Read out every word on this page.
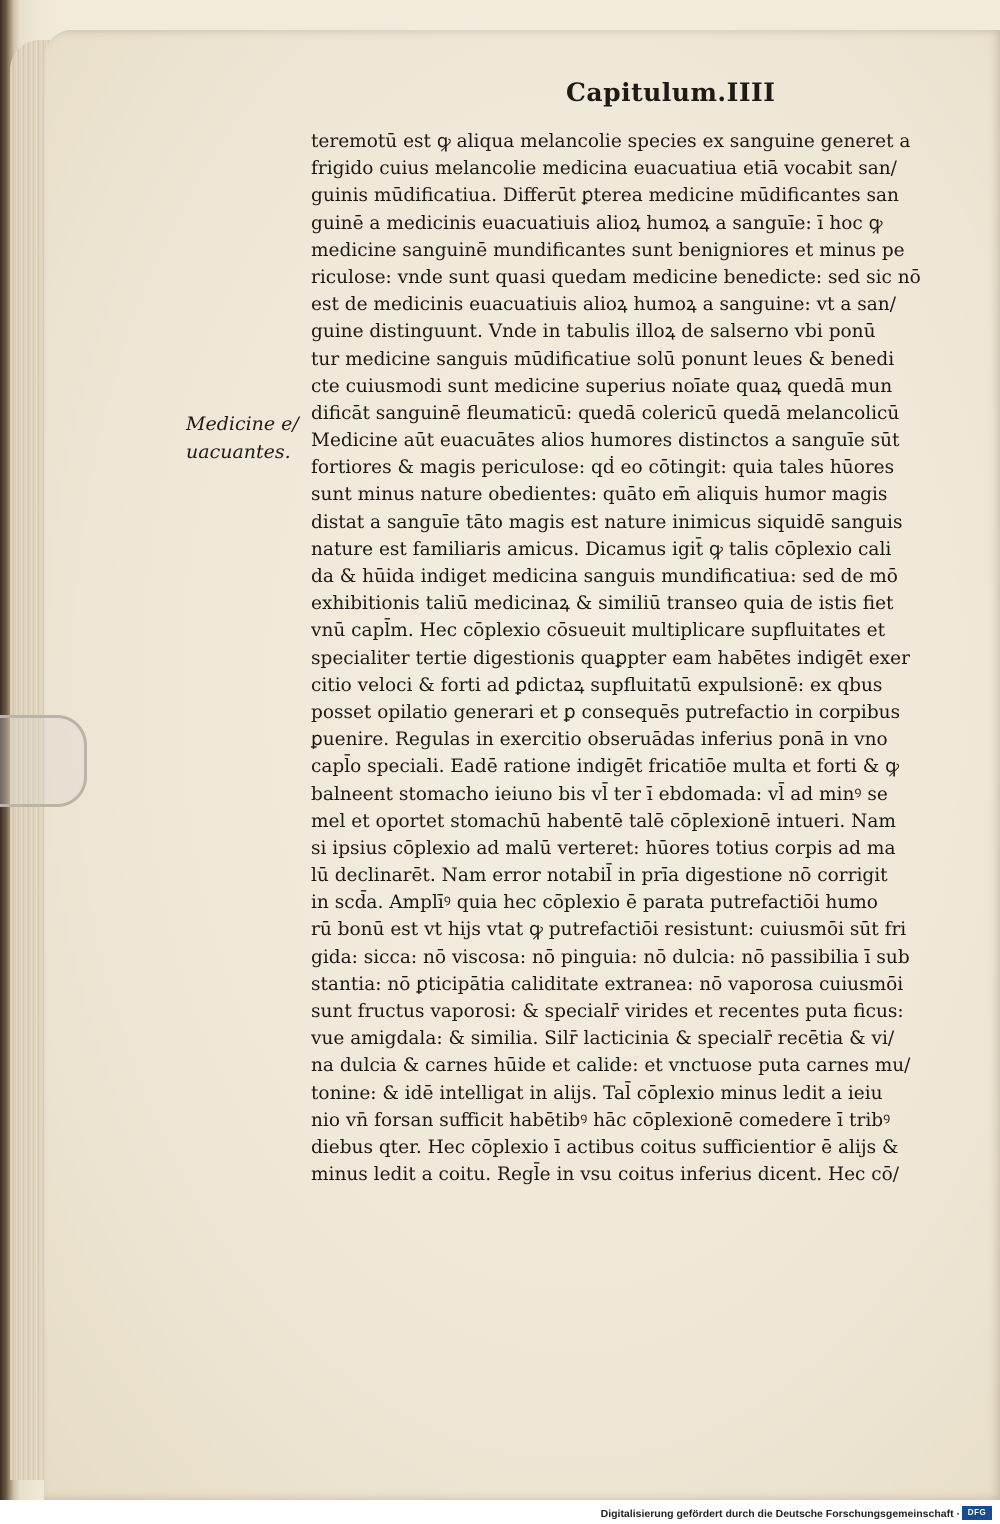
Capitulum.IIII
Medicine e/
uacuantes.
teremotū est ꝙ aliqua melancolie species ex sanguine generet a
frigido cuius melancolie medicina euacuatiua etiā vocabit san/
guinis mūdificatiua. Differūt ꝑterea medicine mūdificantes san
guinē a medicinis euacuatiuis alioꝝ humoꝝ a sanguīe: ī hoc ꝙ
medicine sanguinē mundificantes sunt benigniores et minus pe
riculose: vnde sunt quasi quedam medicine benedicte: sed sic nō
est de medicinis euacuatiuis alioꝝ humoꝝ a sanguine: vt a san/
guine distinguunt. Vnde in tabulis illoꝝ de salserno vbi ponū
tur medicine sanguis mūdificatiue solū ponunt leues & benedi
cte cuiusmodi sunt medicine superius noīate quaꝝ quedā mun
dificāt sanguinē fleumaticū: quedā colericū quedā melancolicū
Medicine aūt euacuātes alios humores distinctos a sanguīe sūt
fortiores & magis periculose: qḋ eo cōtingit: quia tales hūores
sunt minus nature obedientes: quāto em̄ aliquis humor magis
distat a sanguīe tāto magis est nature inimicus siquidē sanguis
nature est familiaris amicus. Dicamus igit̄ ꝙ talis cōplexio cali
da & hūida indiget medicina sanguis mundificatiua: sed de mō
exhibitionis taliū medicinaꝝ & similiū transeo quia de istis fiet
vnū capl̄m. Hec cōplexio cōsueuit multiplicare supfluitates et
specialiter tertie digestionis quaꝑpter eam habētes indigēt exer
citio veloci & forti ad ꝑdictaꝝ supfluitatū expulsionē: ex qbus
posset opilatio generari et ꝑ consequēs putrefactio in corpibus
ꝑuenire. Regulas in exercitio obseruādas inferius ponā in vno
capl̄o speciali. Eadē ratione indigēt fricatiōe multa et forti & ꝙ
balneent stomacho ieiuno bis vl̄ ter ī ebdomada: vl̄ ad minꝰ se
mel et oportet stomachū habentē talē cōplexionē intueri. Nam
si ipsius cōplexio ad malū verteret: hūores totius corpis ad ma
lū declinarēt. Nam error notabil̄ in prīa digestione nō corrigit
in scd̄a. Amplīꝰ quia hec cōplexio ē parata putrefactiōi humo
rū bonū est vt hijs vtat ꝙ putrefactiōi resistunt: cuiusmōi sūt fri
gida: sicca: nō viscosa: nō pinguia: nō dulcia: nō passibilia ī sub
stantia: nō ꝑticipātia caliditate extranea: nō vaporosa cuiusmōi
sunt fructus vaporosi: & specialr̄ virides et recentes puta ficus:
vue amigdala: & similia. Silr̄ lacticinia & specialr̄ recētia & vi/
na dulcia & carnes hūide et calide: et vnctuose puta carnes mu/
tonine: & idē intelligat in alijs. Tal̄ cōplexio minus ledit a ieiu
nio vn̄ forsan sufficit habētibꝰ hāc cōplexionē comedere ī tribꝰ
diebus qter. Hec cōplexio ī actibus coitus sufficientior ē alijs &
minus ledit a coitu. Regl̄e in vsu coitus inferius dicent. Hec cō/
Digitalisierung gefördert durch die Deutsche Forschungsgemeinschaft · DFG
